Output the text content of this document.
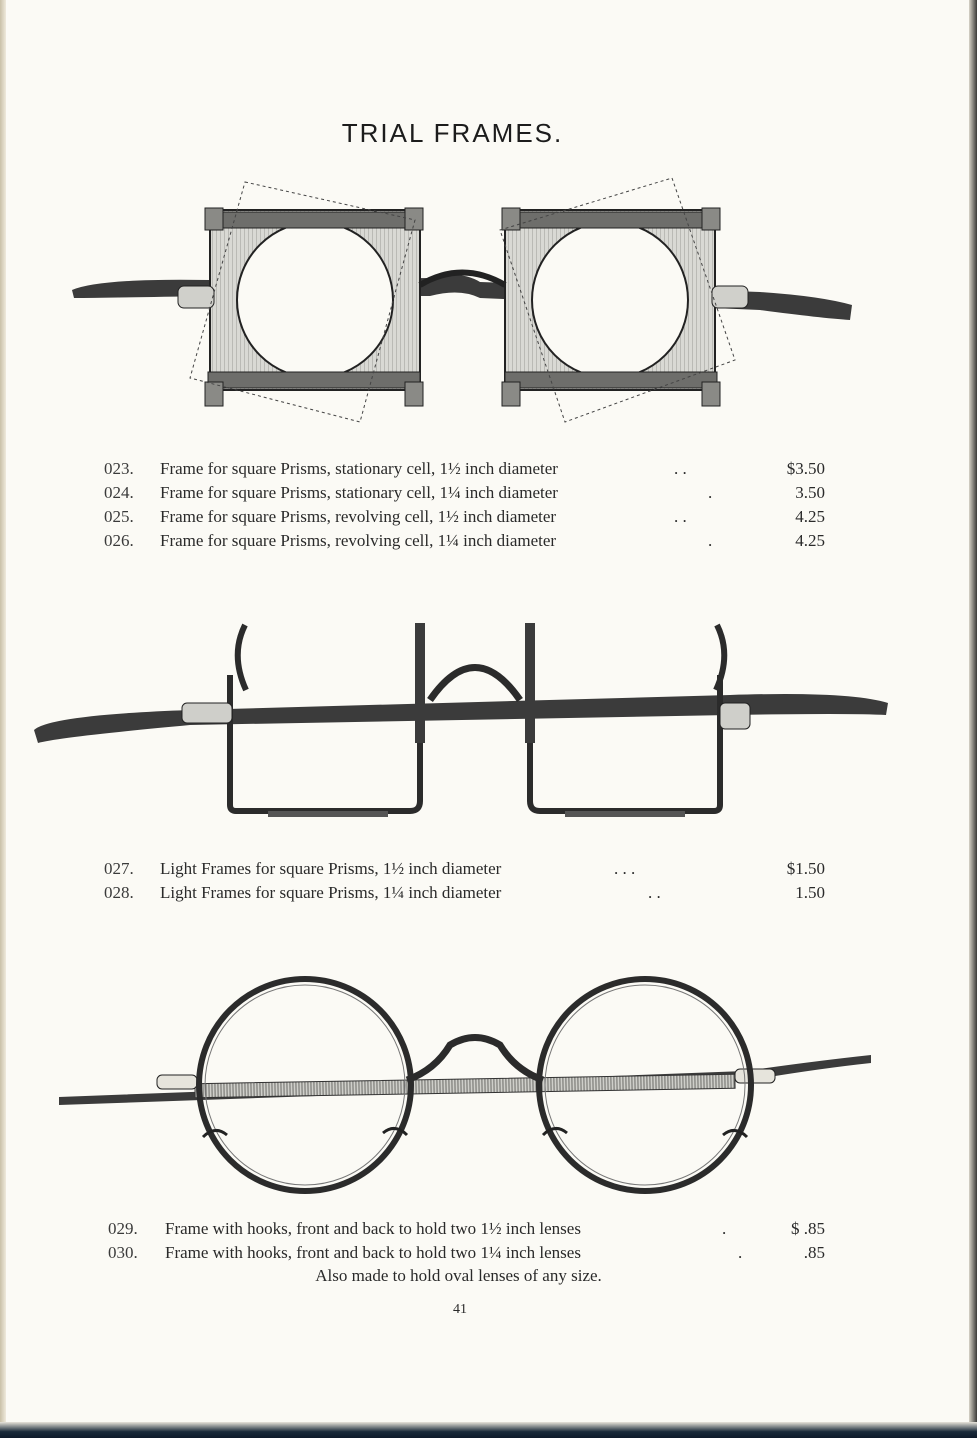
TRIAL FRAMES.
023. Frame for square Prisms, stationary cell, 1½ inch diameter	. .	$3.50
024. Frame for square Prisms, stationary cell, 1¼ inch diameter	.	3.50
025. Frame for square Prisms, revolving cell, 1½ inch diameter	. .	4.25
026. Frame for square Prisms, revolving cell, 1¼ inch diameter	.	4.25
027. Light Frames for square Prisms, 1½ inch diameter	. . .	$1.50
028. Light Frames for square Prisms, 1¼ inch diameter	. .	1.50
029. Frame with hooks, front and back to hold two 1½ inch lenses	.	$ .85
030. Frame with hooks, front and back to hold two 1¼ inch lenses	.	.85
Also made to hold oval lenses of any size.
41
